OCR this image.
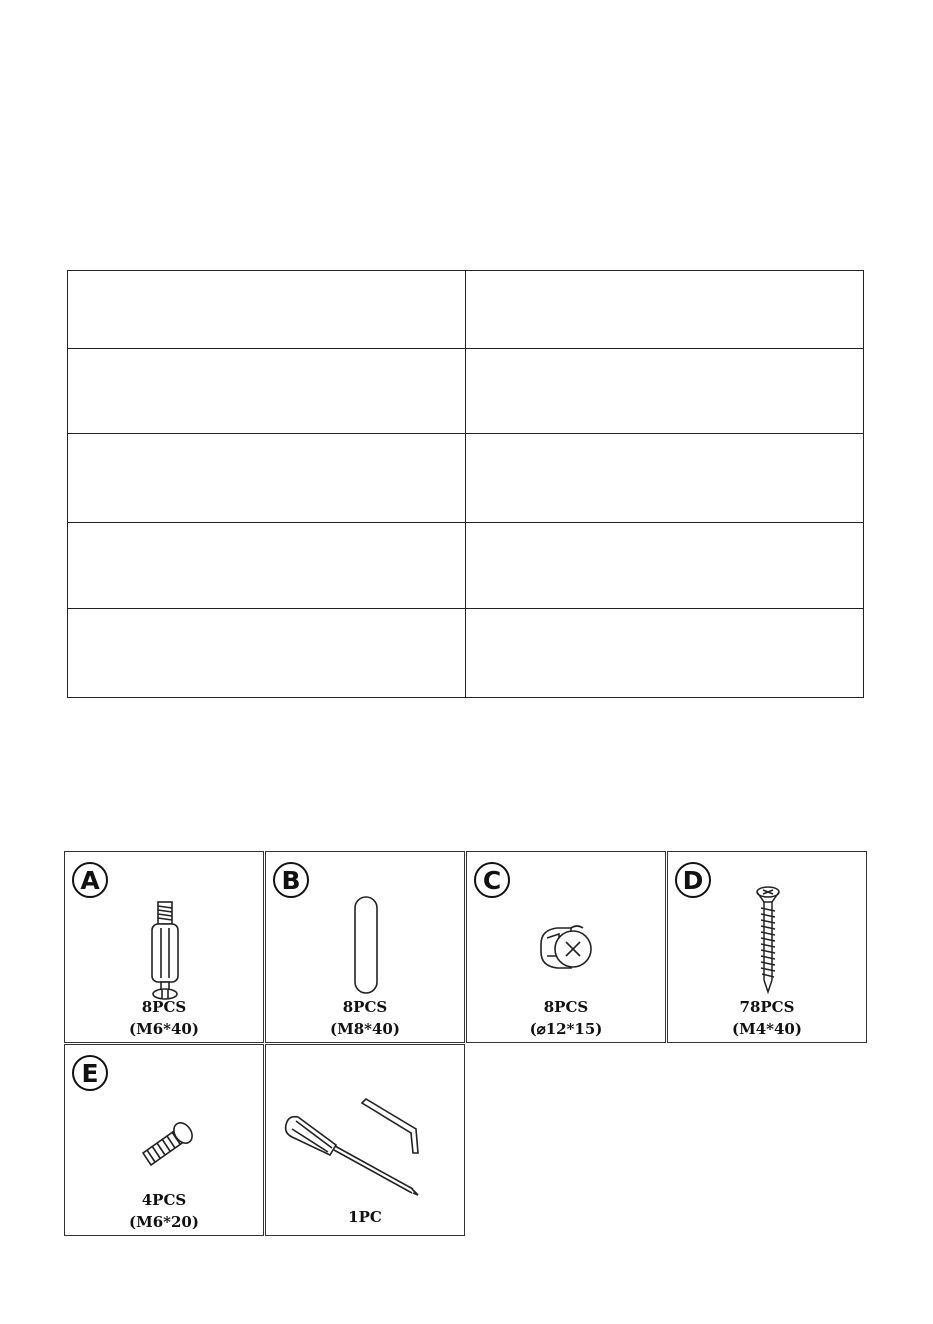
A
8PCS
(M6*40)
B
8PCS
(M8*40)
C
8PCS
(⌀12*15)
D
78PCS
(M4*40)
E
4PCS
(M6*20)	1PC
